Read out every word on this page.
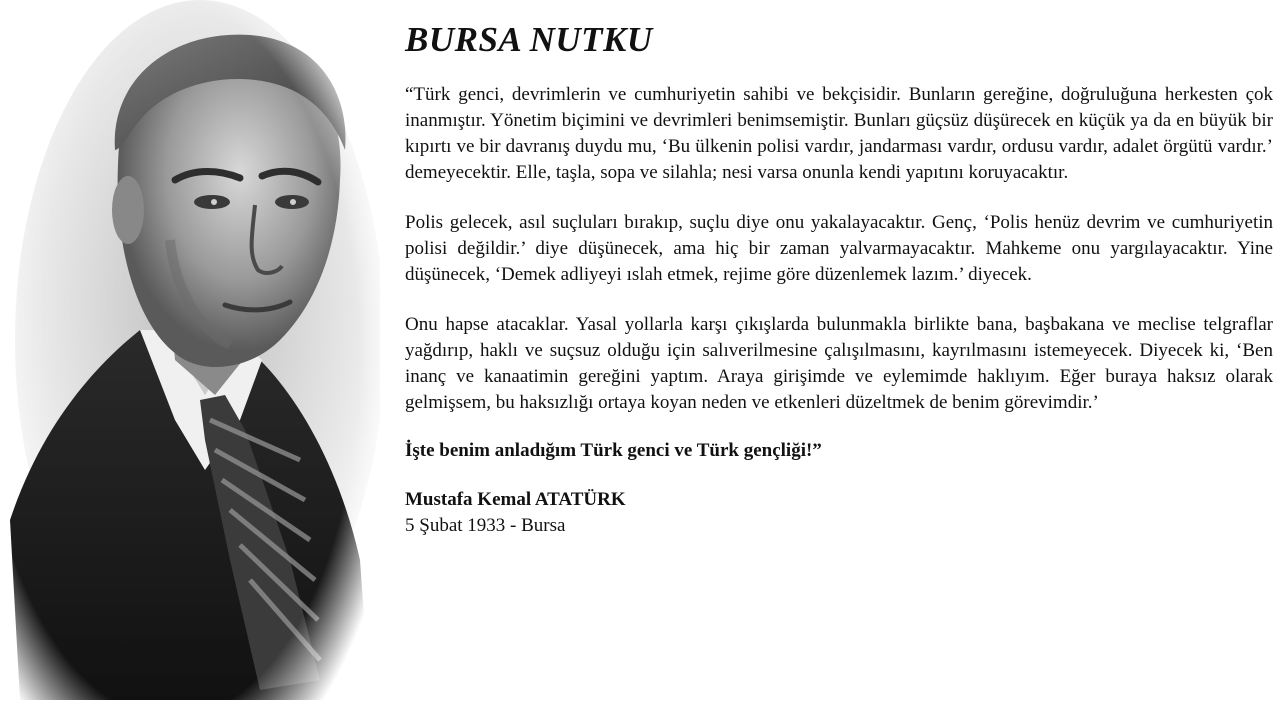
BURSA NUTKU

“Türk genci, devrimlerin ve cumhuriyetin sahibi ve bekçisidir. Bunların gereğine, doğruluğuna herkesten çok inanmıştır. Yönetim biçimini ve devrimleri benimsemiştir. Bunları güçsüz düşürecek en küçük ya da en büyük bir kıpırtı ve bir davranış duydu mu, ‘Bu ülkenin polisi vardır, jandarması vardır, ordusu vardır, adalet örgütü vardır.’ demeyecektir. Elle, taşla, sopa ve silahla; nesi varsa onunla kendi yapıtını koruyacaktır.

Polis gelecek, asıl suçluları bırakıp, suçlu diye onu yakalayacaktır. Genç, ‘Polis henüz devrim ve cumhuriyetin polisi değildir.’ diye düşünecek, ama hiç bir zaman yalvarmayacaktır. Mahkeme onu yargılayacaktır. Yine düşünecek, ‘Demek adliyeyi ıslah etmek, rejime göre düzenlemek lazım.’ diyecek.

Onu hapse atacaklar. Yasal yollarla karşı çıkışlarda bulunmakla birlikte bana, başbakana ve meclise telgraflar yağdırıp, haklı ve suçsuz olduğu için salıverilmesine çalışılmasını, kayrılmasını istemeyecek. Diyecek ki, ‘Ben inanç ve kanaatimin gereğini yaptım. Araya girişimde ve eylemimde haklıyım. Eğer buraya haksız olarak gelmişsem, bu haksızlığı ortaya koyan neden ve etkenleri düzeltmek de benim görevimdir.’

İşte benim anladığım Türk genci ve Türk gençliği!”

Mustafa Kemal ATATÜRK

5 Şubat 1933 - Bursa
